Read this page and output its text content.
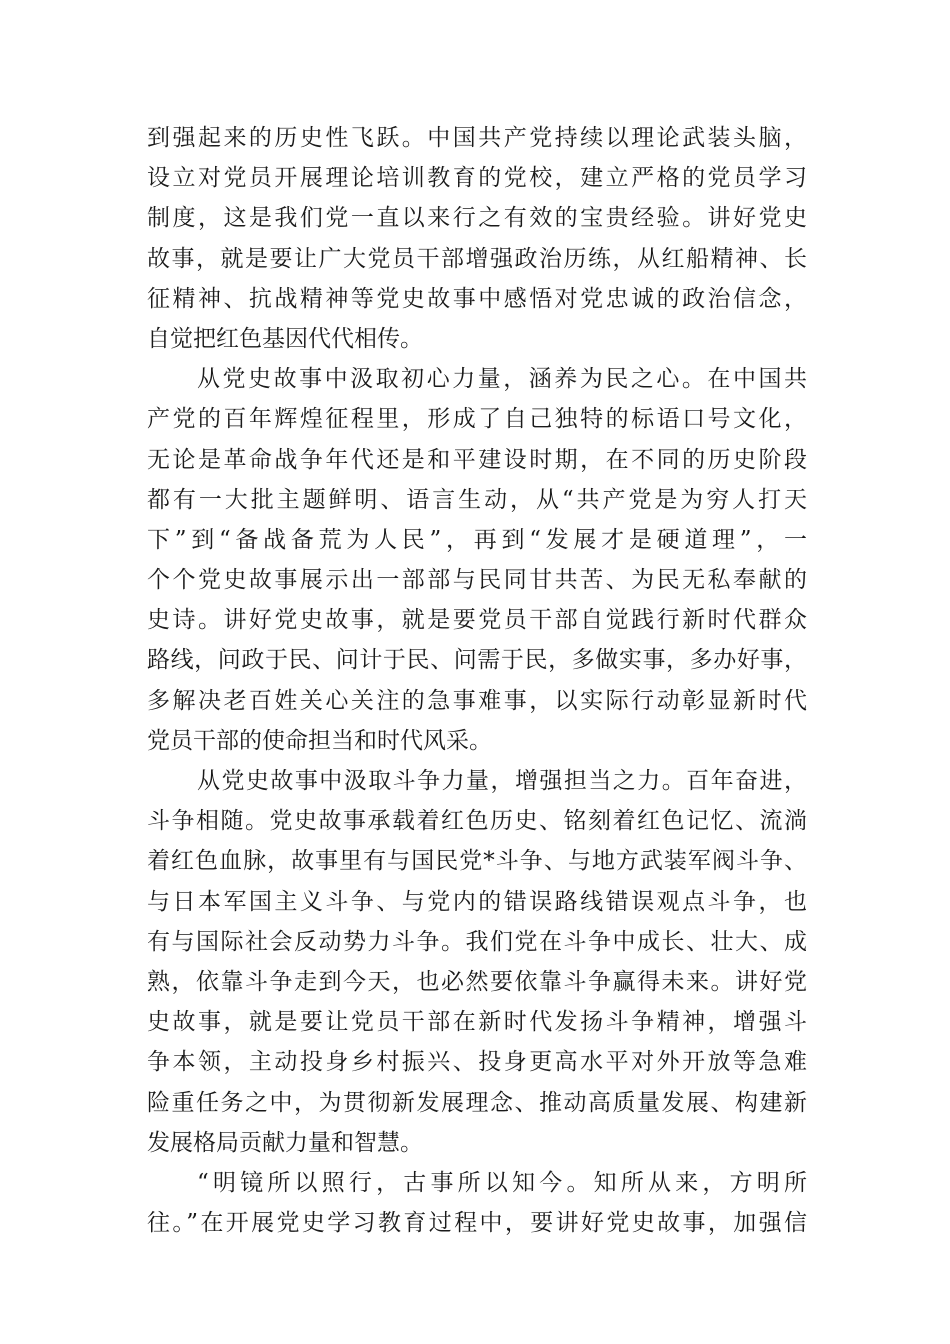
到强起来的历史性飞跃。中国共产党持续以理论武装头脑，
设立对党员开展理论培训教育的党校，建立严格的党员学习
制度，这是我们党一直以来行之有效的宝贵经验。讲好党史
故事，就是要让广大党员干部增强政治历练，从红船精神、长
征精神、抗战精神等党史故事中感悟对党忠诚的政治信念，
自觉把红色基因代代相传。
从党史故事中汲取初心力量，涵养为民之心。在中国共
产党的百年辉煌征程里，形成了自己独特的标语口号文化，
无论是革命战争年代还是和平建设时期，在不同的历史阶段
都有一大批主题鲜明、语言生动，从“共产党是为穷人打天
下”到“备战备荒为人民”，再到“发展才是硬道理”，一
个个党史故事展示出一部部与民同甘共苦、为民无私奉献的
史诗。讲好党史故事，就是要党员干部自觉践行新时代群众
路线，问政于民、问计于民、问需于民，多做实事，多办好事，
多解决老百姓关心关注的急事难事，以实际行动彰显新时代
党员干部的使命担当和时代风采。
从党史故事中汲取斗争力量，增强担当之力。百年奋进，
斗争相随。党史故事承载着红色历史、铭刻着红色记忆、流淌
着红色血脉，故事里有与国民党*斗争、与地方武装军阀斗争、
与日本军国主义斗争、与党内的错误路线错误观点斗争，也
有与国际社会反动势力斗争。我们党在斗争中成长、壮大、成
熟，依靠斗争走到今天，也必然要依靠斗争赢得未来。讲好党
史故事，就是要让党员干部在新时代发扬斗争精神，增强斗
争本领，主动投身乡村振兴、投身更高水平对外开放等急难
险重任务之中，为贯彻新发展理念、推动高质量发展、构建新
发展格局贡献力量和智慧。
“明镜所以照行，古事所以知今。知所从来，方明所
往。”在开展党史学习教育过程中，要讲好党史故事，加强信
